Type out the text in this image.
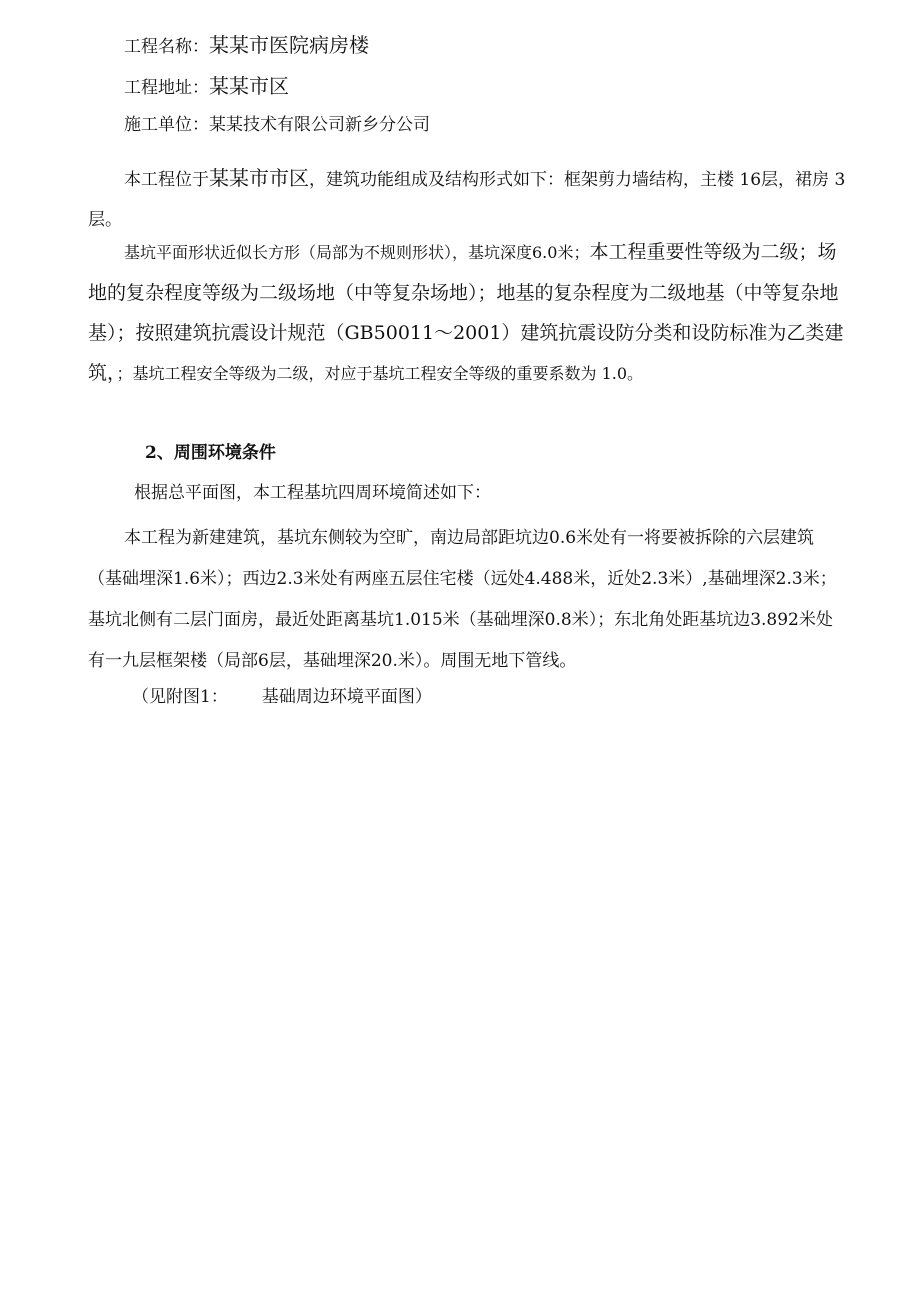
工程名称：某某市医院病房楼
工程地址：某某市区
施工单位：某某技术有限公司新乡分公司

本工程位于某某市市区，建筑功能组成及结构形式如下：框架剪力墙结构，主楼 16层，裙房 3 层。

基坑平面形状近似长方形（局部为不规则形状），基坑深度6.0米；本工程重要性等级为二级；场地的复杂程度等级为二级场地（中等复杂场地）；地基的复杂程度为二级地基（中等复杂地基）；按照建筑抗震设计规范（GB50011～2001）建筑抗震设防分类和设防标准为乙类建筑，；基坑工程安全等级为二级，对应于基坑工程安全等级的重要系数为 1.0。

2、周围环境条件
根据总平面图，本工程基坑四周环境简述如下：

本工程为新建建筑，基坑东侧较为空旷，南边局部距坑边0.6米处有一将要被拆除的六层建筑（基础埋深1.6米）；西边2.3米处有两座五层住宅楼（远处4.488米，近处2.3米）,基础埋深2.3米；基坑北侧有二层门面房，最近处距离基坑1.015米（基础埋深0.8米）；东北角处距基坑边3.892米处有一九层框架楼（局部6层，基础埋深20.米）。周围无地下管线。

（见附图1： 基础周边环境平面图）
